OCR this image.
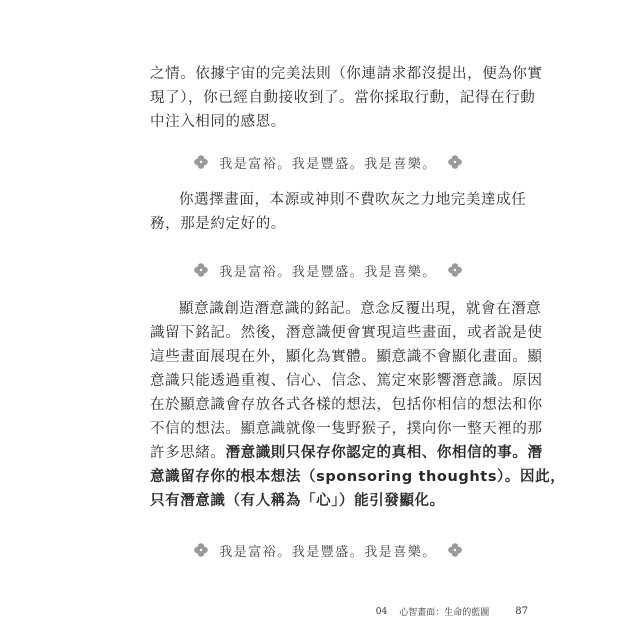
之情。依據宇宙的完美法則（你連請求都沒提出，便為你實
現了），你已經自動接收到了。當你採取行動，記得在行動
中注入相同的感恩。

我是富裕。我是豐盛。我是喜樂。

你選擇畫面，本源或神則不費吹灰之力地完美達成任
務，那是約定好的。

我是富裕。我是豐盛。我是喜樂。

顯意識創造潛意識的銘記。意念反覆出現，就會在潛意
識留下銘記。然後，潛意識便會實現這些畫面，或者說是使
這些畫面展現在外，顯化為實體。顯意識不會顯化畫面。顯
意識只能透過重複、信心、信念、篤定來影響潛意識。原因
在於顯意識會存放各式各樣的想法，包括你相信的想法和你
不信的想法。顯意識就像一隻野猴子，撲向你一整天裡的那
許多思緒。潛意識則只保存你認定的真相、你相信的事。潛
意識留存你的根本想法（sponsoring thoughts）。因此，
只有潛意識（有人稱為「心」）能引發顯化。

我是富裕。我是豐盛。我是喜樂。
04 心智畫面：生命的藍圖	87
